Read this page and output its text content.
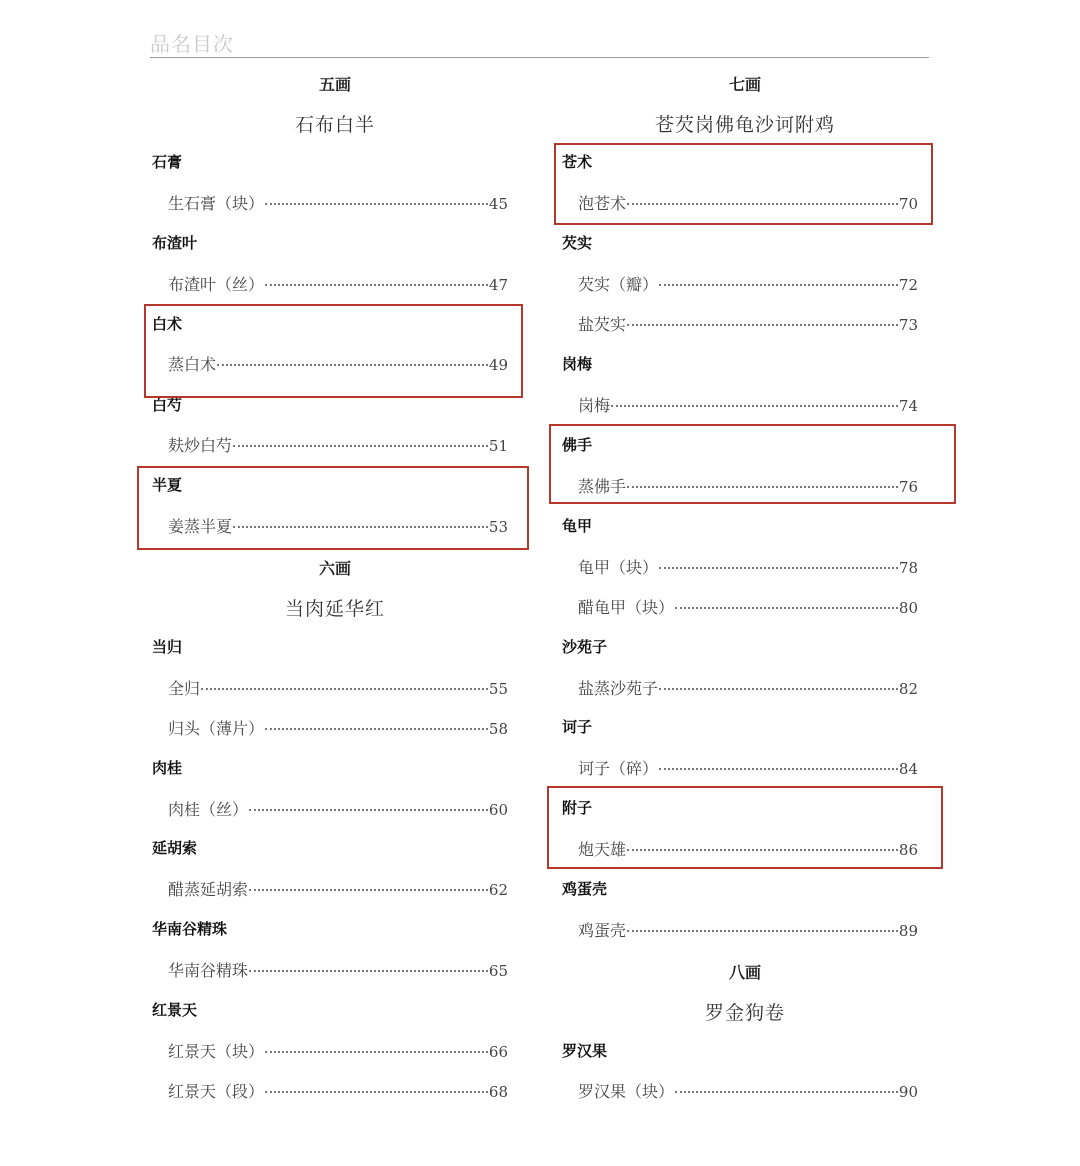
品名目次
五画
石布白半
石膏
生石膏（块）	45
布渣叶
布渣叶（丝）	47
白术
蒸白术	49
白芍
麸炒白芍	51
半夏
姜蒸半夏	53
六画
当肉延华红
当归
全归	55
归头（薄片）	58
肉桂
肉桂（丝）	60
延胡索
醋蒸延胡索	62
华南谷精珠
华南谷精珠	65
红景天
红景天（块）	66
红景天（段）	68
七画
苍芡岗佛龟沙诃附鸡
苍术
泡苍术	70
芡实
芡实（瓣）	72
盐芡实	73
岗梅
岗梅	74
佛手
蒸佛手	76
龟甲
龟甲（块）	78
醋龟甲（块）	80
沙苑子
盐蒸沙苑子	82
诃子
诃子（碎）	84
附子
炮天雄	86
鸡蛋壳
鸡蛋壳	89
八画
罗金狗卷
罗汉果
罗汉果（块）	90
